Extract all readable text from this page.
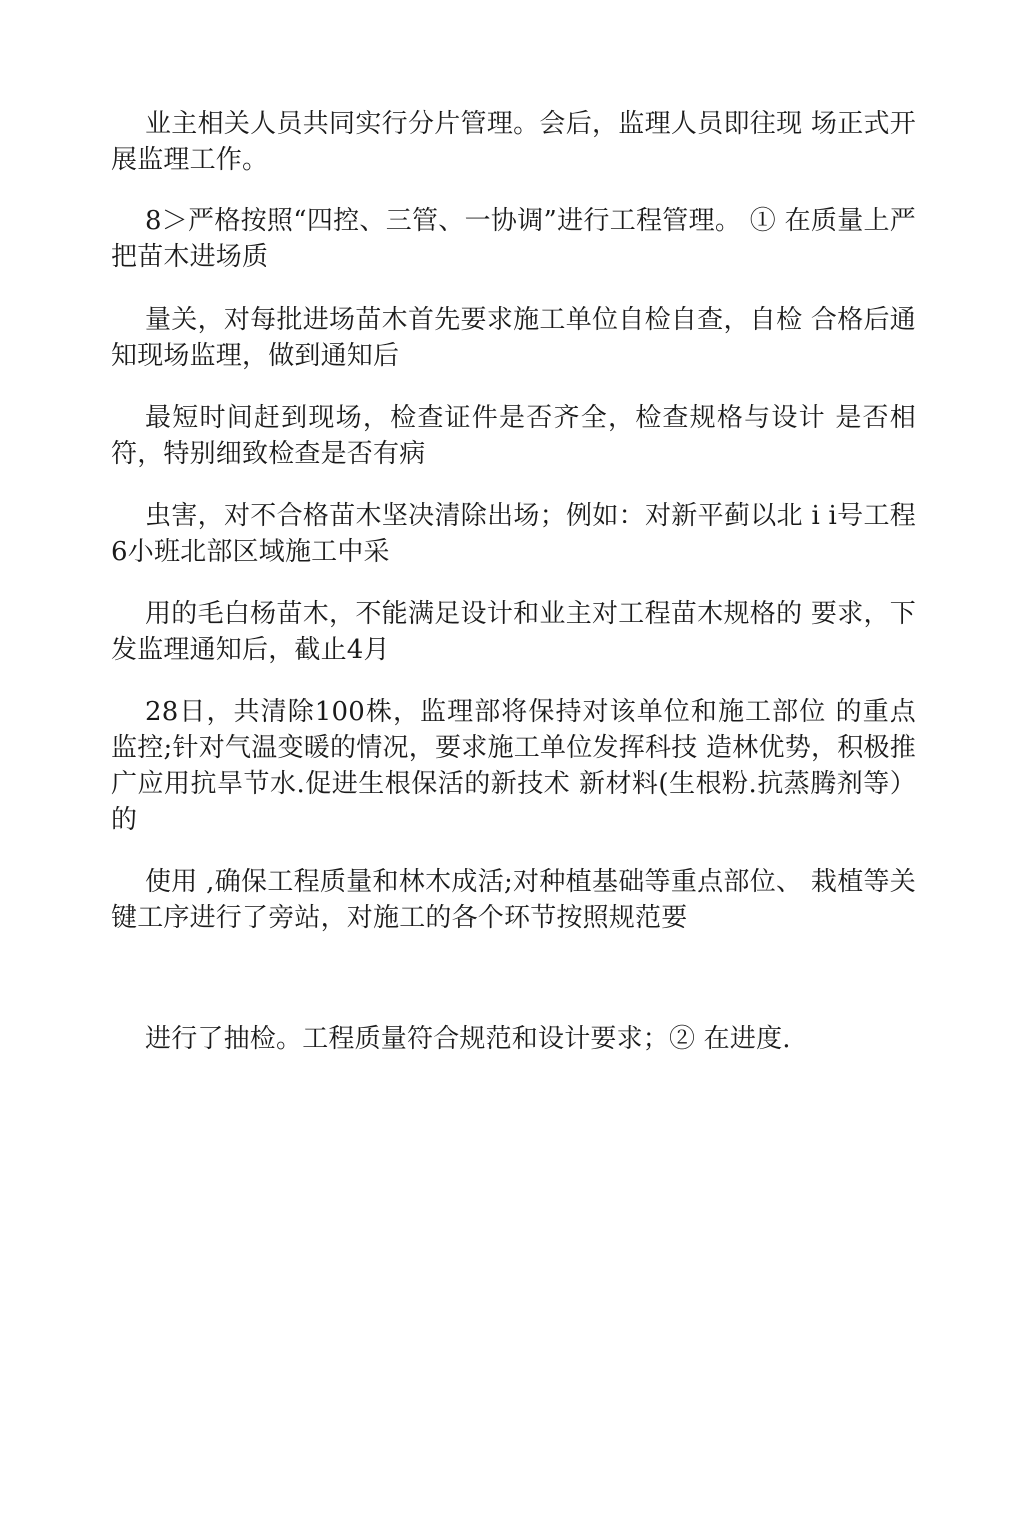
业主相关人员共同实行分片管理。会后，监理人员即往现 场正式开展监理工作。

8＞严格按照“四控、三管、一协调”进行工程管理。 ① 在质量上严把苗木进场质

量关，对每批进场苗木首先要求施工单位自检自查，自检 合格后通知现场监理，做到通知后

最短时间赶到现场，检查证件是否齐全，检查规格与设计 是否相符，特别细致检查是否有病

虫害，对不合格苗木坚决清除出场；例如：对新平蓟以北 i i号工程6小班北部区域施工中采

用的毛白杨苗木，不能满足设计和业主对工程苗木规格的 要求，下发监理通知后，截止4月

28日，共清除100株，监理部将保持对该单位和施工部位 的重点监控;针对气温变暖的情况，要求施工单位发挥科技 造林优势，积极推广应用抗旱节水.促进生根保活的新技术 新材料(生根粉.抗蒸腾剂等）的

使用 ,确保工程质量和林木成活;对种植基础等重点部位、 栽植等关键工序进行了旁站，对施工的各个环节按照规范要

进行了抽检。工程质量符合规范和设计要求；② 在进度.
